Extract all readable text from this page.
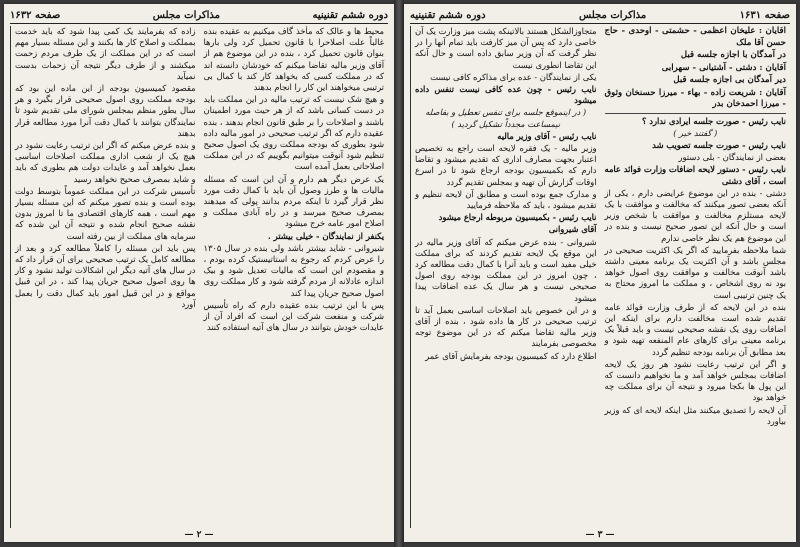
دوره ششم تقنینیه
مذاکرات مجلس
صفحه ۱۶۳۲

محیط ها و عالک که مأخذ گاف میکنیم به عقیده بنده غالباً علت اصلاحرا با قانون تحمیل کرد ولی بارها بنوان قانون تحمیل کرد ، بنده در این موضوع هم از آقای وزیر مالیه تقاضا میکنم که خودشان دانسته اند که در مملکت کسی که بخواهد کار کند با کمال بی ترتیبی میخواهند این کار را انجام بدهند

و هیچ شک نیست که ترتیب مالیه در این مملکت باید در دست کسانی باشد که از هر حیث مورد اطمینان باشند و اصلاحات را بر طبق قانون انجام بدهند ، بنده عقیده دارم که اگر ترتیب صحیحی در امور مالیه داده شود بطوری که بودجه مملکت روی یک اصول صحیح تنظیم شود آنوقت میتوانیم بگوییم که در این مملکت اصلاحاتی بعمل آمده است

یک عرض دیگر هم دارم و آن این است که مسئله مالیات ها و طرز وصول آن باید با کمال دقت مورد نظر قرار گیرد تا اینکه مردم بدانند پولی که میدهند بمصرف صحیح میرسد و در راه آبادی مملکت و اصلاح امور عامه خرج میشود

یکنفر از نمایندگان - خیلی بیشتر .

شیروانی - شاید بیشتر باشد ولی بنده در سال ۱۳۰۵ را عرض کردم که رجوع به استاتیستیک کرده بودم ، و مقصودم این است که مالیات تعدیل شود و بیک اندازه عادلانه از مردم گرفته شود و کار مملکت روی اصول صحیح جریان پیدا کند

پس با این ترتیب بنده عقیده دارم که راه تأسیس شرکت و منفعت شرکت این است که افراد آن از عایدات خودش بتوانند در سال های آتیه استفاده کنند

زاده که بفرمایند یک کمی پیدا شود که باید خدمت بمملکت و اصلاح کار ها بکنند و این مسئله بسیار مهم است که در این مملکت از یک طرف مردم زحمت میکشند و از طرف دیگر نتیجه آن زحمات بدست نمیآید

مقصود کمیسیون بودجه از این ماده این بود که بودجه مملکت روی اصول صحیحی قرار بگیرد و هر سال بطور منظم بمجلس شورای ملی تقدیم شود تا نمایندگان بتوانند با کمال دقت آنرا مورد مطالعه قرار بدهند

و بنده عرض میکنم که اگر این ترتیب رعایت نشود در هیچ یک از شعب اداری مملکت اصلاحات اساسی بعمل نخواهد آمد و عایدات دولت هم بطوری که باید و شاید بمصرف صحیح نخواهد رسید

تأسیس شرکت در این مملکت عموماً بتوسط دولت بوده است و بنده تصور میکنم که این مسئله بسیار مهم است ، همه کارهای اقتصادی ما تا امروز بدون نقشه صحیح انجام شده و نتیجه آن این شده که سرمایه های مملکت از بین رفته است

پس باید این مسئله را کاملاً مطالعه کرد و بعد از مطالعه کامل یک ترتیب صحیحی برای آن قرار داد که در سال های آتیه دیگر این اشکالات تولید نشود و کار ها روی اصول صحیح جریان پیدا کند ، در این قبیل مواقع و در این قبیل امور باید کمال دقت را بعمل آورد

— ۲ —
صفحه ۱۶۳۱
مذاکرات مجلس
دوره ششم تقنینیه

آقایان : علیخان اعظمی - حشمتی - اوحدی - حاج حسن آقا ملک

در آمدگان با اجازه جلسه قبل

آقایان : دشتی - آشتیانی - سهرابی

دیر آمدگان بی اجازه جلسه قبل

آقایان : شریعت زاده - بهاء - میرزا حسنخان وثوق - میرزا احمدخان بدر

نایب رئیس - صورت جلسه ایرادی ندارد ؟

( گفتند خیر )

نایب رئیس - صورت جلسه تصویب شد

بعضی از نمایندگان - بلی دستور

نایب رئیس - دستور لایحه اضافات وزارت فوائد عامه است ، آقای دشتی

دشتی - بنده در این موضوع عرایضی دارم ، یکی از آنکه بعضی تصور میکنند که مخالفت و موافقت با یک لایحه مستلزم مخالفت و موافقت با شخص وزیر است و حال آنکه این تصور صحیح نیست و بنده در این موضوع هم یک نظر خاصی ندارم

شما ملاحظه بفرمایید که اگر یک اکثریت صحیحی در مجلس باشد و آن اکثریت یک برنامه معینی داشته باشد آنوقت مخالفت و موافقت روی اصول خواهد بود نه روی اشخاص ، و مملکت ما امروز محتاج به یک چنین ترتیبی است

بنده در این لایحه که از طرف وزارت فوائد عامه تقدیم شده است مخالفت دارم برای اینکه این اضافات روی یک نقشه صحیحی نیست و باید قبلاً یک برنامه معینی برای کارهای عام المنفعه تهیه شود و بعد مطابق آن برنامه بودجه تنظیم گردد

و اگر این ترتیب رعایت نشود هر روز یک لایحه اضافات بمجلس خواهد آمد و ما نخواهیم دانست که این پول ها بکجا میرود و نتیجه آن برای مملکت چه خواهد بود

آن لایحه را تصدیق میکنند مثل اینکه لایحه ای که وزیر بیاورد

متجاوزالشکل هستند بالاتینکه پشت میز وزارت یک آن خاصی دارد که پس آن میز کارفت باید تمام آنها را در نظر گرفت که آن وزیر سابق داده است و حال آنکه این تقاضا انطوری نیست

یکی از نمایندگان - عده برای مذاکره کافی نیست

نایب رئیس - چون عده کافی نیست تنفس داده میشود

( در اینموقع جلسه برای تنفس تعطیل و بفاصله نیمساعت مجدداً تشکیل گردید )

نایب رئیس - آقای وزیر مالیه

وزیر مالیه - یک فقره لایحه است راجع به تخصیص اعتبار بجهت مصارف اداری که تقدیم میشود و تقاضا دارم که بکمیسیون بودجه ارجاع شود تا در اسرع اوقات گزارش آن تهیه و بمجلس تقدیم گردد

و مدارک جمع بوده است و مطابق آن لایحه تنظیم و تقدیم میشود ، باید که ملاحظه فرمایید

نایب رئیس - بکمیسیون مربوطه ارجاع میشود

آقای شیروانی

شیروانی - بنده عرض میکنم که آقای وزیر مالیه در این موقع یک لایحه تقدیم کردند که برای مملکت خیلی مفید است و باید آنرا با کمال دقت مطالعه کرد ، چون امروز در این مملکت بودجه روی اصول صحیحی نیست و هر سال یک عده اضافات پیدا میشود

و در این خصوص باید اصلاحات اساسی بعمل آید تا ترتیب صحیحی در کار ها داده شود ، بنده از آقای وزیر مالیه تقاضا میکنم که در این موضوع توجه مخصوصی بفرمایند

اطلاع دارد که کمیسیون بودجه بفرمایش آقای عمر

— ۳ —
